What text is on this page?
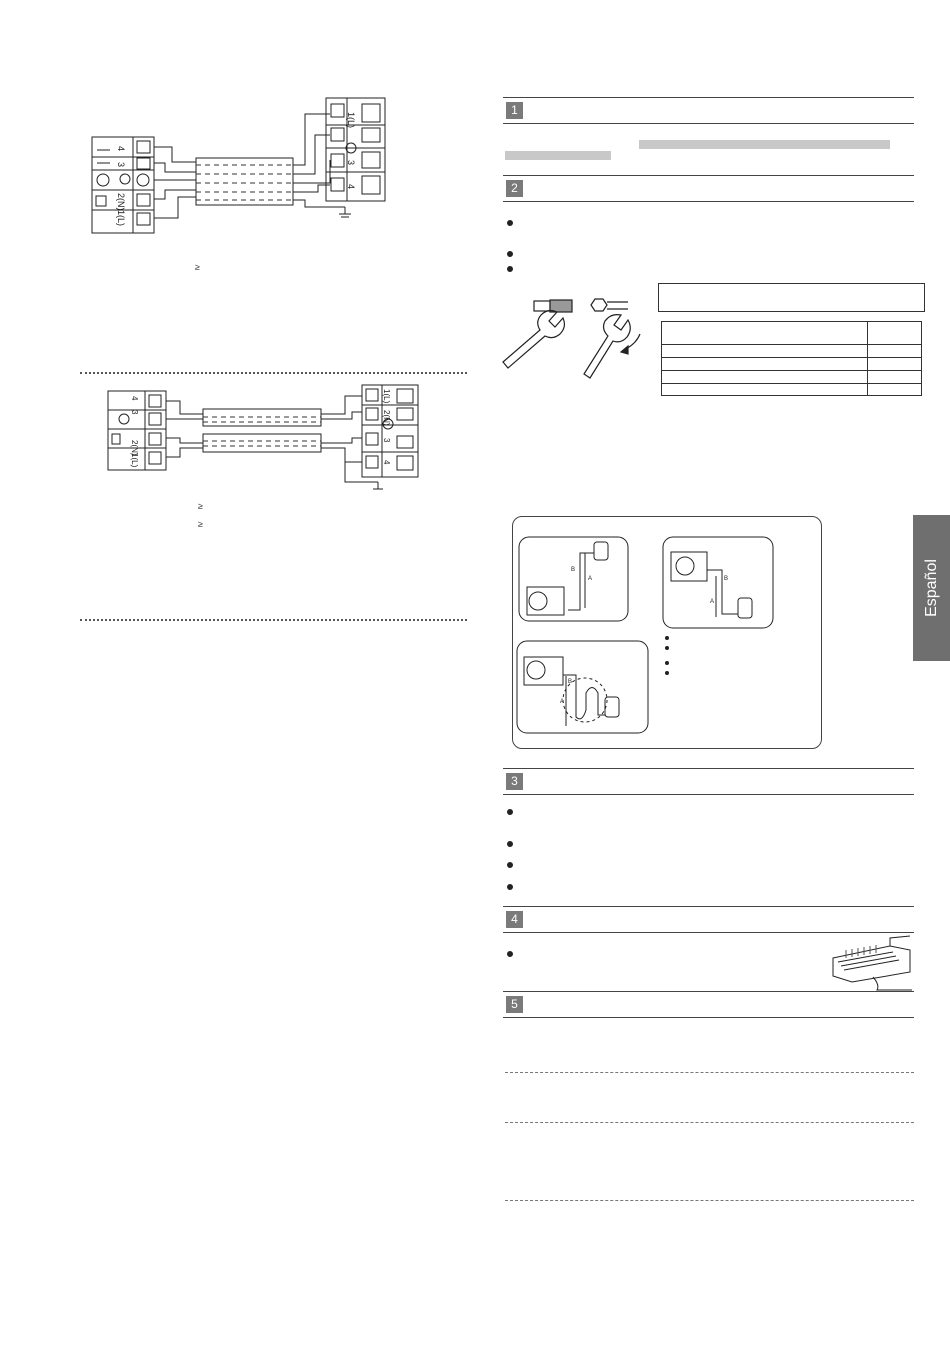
1(L)
3
4
4
3
2(N)
1(L)
4
3
2(N)
1(L)
1(L)
2(N)
3
4
≥
≥
≥
1
2
A
B
A
B
A
B
3
4
5
Español
